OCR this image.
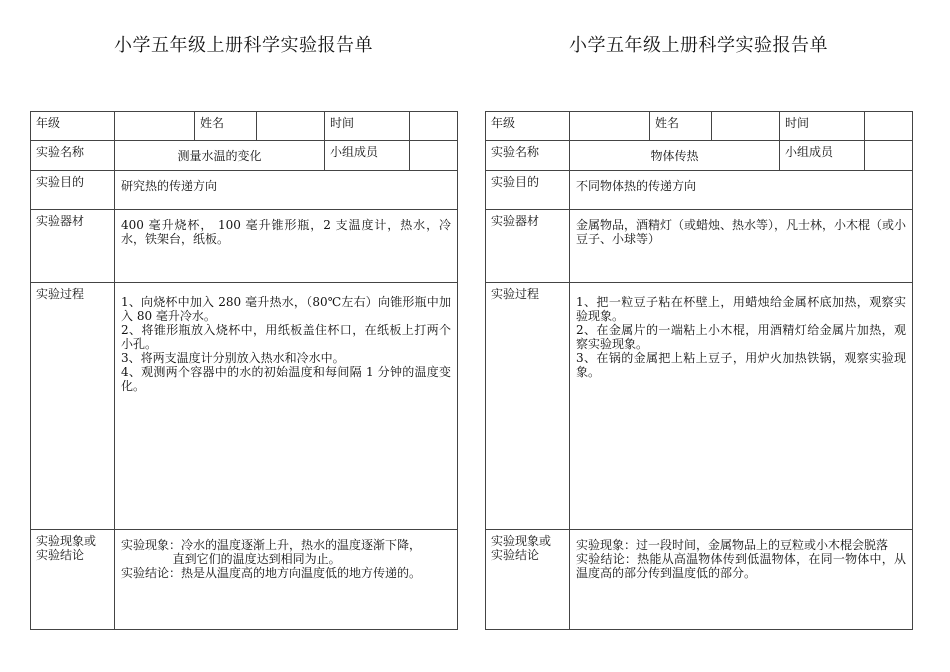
小学五年级上册科学实验报告单
年级		姓名		时间	
实验名称	测量水温的变化			小组成员	
实验目的	研究热的传递方向				
实验器材	400 毫升烧杯， 100 毫升锥形瓶，2 支温度计，热水，冷水，铁架台，纸板。				
实验过程	1、向烧杯中加入 280 毫升热水，（80℃左右）向锥形瓶中加入 80 毫升冷水。
2、将锥形瓶放入烧杯中，用纸板盖住杯口，在纸板上打两个小孔。
3、将两支温度计分别放入热水和冷水中。
4、观测两个容器中的水的初始温度和每间隔 1 分钟的温度变化。				

实验现象或 实验结论	实验现象：冷水的温度逐渐上升，热水的温度逐渐下降，
直到它们的温度达到相同为止。
实验结论：热是从温度高的地方向温度低的地方传递的。				
小学五年级上册科学实验报告单
年级		姓名		时间	
实验名称	物体传热			小组成员	
实验目的	不同物体热的传递方向				
实验器材	金属物品，酒精灯（或蜡烛、热水等），凡士林，小木棍（或小豆子、小球等）				
实验过程	1、把一粒豆子粘在杯壁上，用蜡烛给金属杯底加热，观察实验现象。
2、在金属片的一端粘上小木棍，用酒精灯给金属片加热，观察实验现象。
3、在锅的金属把上粘上豆子，用炉火加热铁锅，观察实验现象。				

实验现象或 实验结论	实验现象：过一段时间，金属物品上的豆粒或小木棍会脱落
实验结论：热能从高温物体传到低温物体，在同一物体中，从温度高的部分传到温度低的部分。				
